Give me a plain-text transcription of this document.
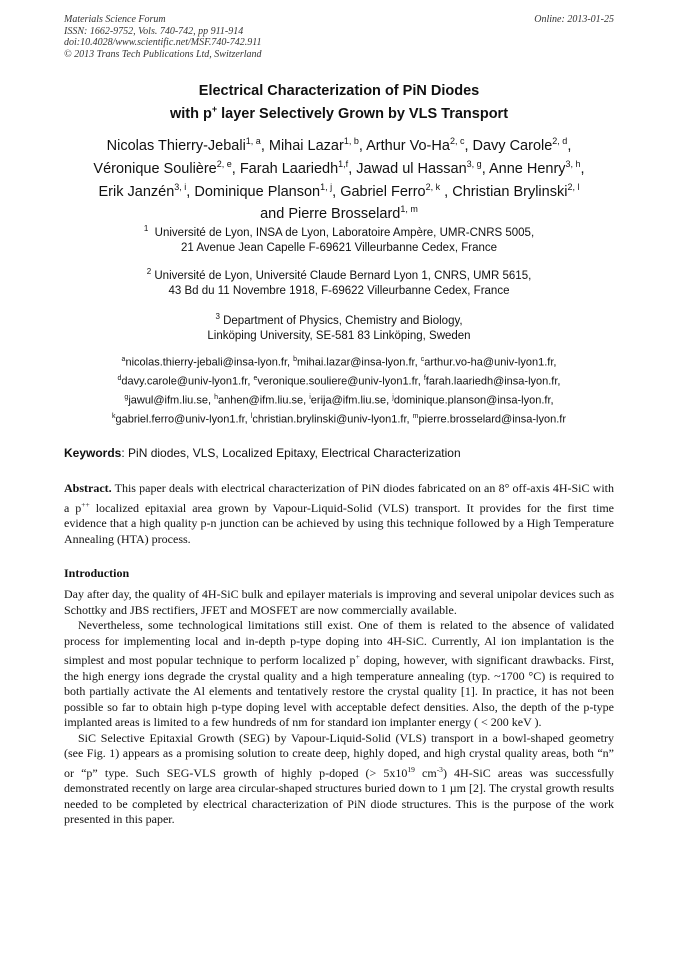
Materials Science Forum
ISSN: 1662-9752, Vols. 740-742, pp 911-914
doi:10.4028/www.scientific.net/MSF.740-742.911
© 2013 Trans Tech Publications Ltd, Switzerland
Online: 2013-01-25
Electrical Characterization of PiN Diodes
with p+ layer Selectively Grown by VLS Transport
Nicolas Thierry-Jebali$^{1, a}$, Mihai Lazar$^{1, b}$, Arthur Vo-Ha$^{2, c}$, Davy Carole$^{2, d}$,
Véronique Soulière$^{2, e}$, Farah Laariedh$^{1,f}$, Jawad ul Hassan$^{3, g}$, Anne Henry$^{3, h}$,
Erik Janzén$^{3, i}$, Dominique Planson$^{1, j}$, Gabriel Ferro$^{2, k}$ , Christian Brylinski$^{2, l}$
and Pierre Brosselard$^{1, m}$
$^1$ Université de Lyon, INSA de Lyon, Laboratoire Ampère, UMR-CNRS 5005,
21 Avenue Jean Capelle F-69621 Villeurbanne Cedex, France
$^2$ Université de Lyon, Université Claude Bernard Lyon 1, CNRS, UMR 5615,
43 Bd du 11 Novembre 1918, F-69622 Villeurbanne Cedex, France
$^3$ Department of Physics, Chemistry and Biology,
Linköping University, SE-581 83 Linköping, Sweden
$^a$nicolas.thierry-jebali@insa-lyon.fr, $^b$mihai.lazar@insa-lyon.fr, $^c$arthur.vo-ha@univ-lyon1.fr,
$^d$davy.carole@univ-lyon1.fr, $^e$veronique.souliere@univ-lyon1.fr, $^f$farah.laariedh@insa-lyon.fr,
$^g$jawul@ifm.liu.se, $^h$anhen@ifm.liu.se, $^i$erija@ifm.liu.se, $^j$dominique.planson@insa-lyon.fr,
$^k$gabriel.ferro@univ-lyon1.fr, $^l$christian.brylinski@univ-lyon1.fr, $^m$pierre.brosselard@insa-lyon.fr
Keywords: PiN diodes, VLS, Localized Epitaxy, Electrical Characterization
Abstract. This paper deals with electrical characterization of PiN diodes fabricated on an 8° off-axis 4H-SiC with a p++ localized epitaxial area grown by Vapour-Liquid-Solid (VLS) transport. It provides for the first time evidence that a high quality p-n junction can be achieved by using this technique followed by a High Temperature Annealing (HTA) process.
Introduction

Day after day, the quality of 4H-SiC bulk and epilayer materials is improving and several unipolar devices such as Schottky and JBS rectifiers, JFET and MOSFET are now commercially available.

Nevertheless, some technological limitations still exist. One of them is related to the absence of validated process for implementing local and in-depth p-type doping into 4H-SiC. Currently, Al ion implantation is the simplest and most popular technique to perform localized p+ doping, however, with significant drawbacks. First, the high energy ions degrade the crystal quality and a high temperature annealing (typ. ~1700 °C) is required to both partially activate the Al elements and tentatively restore the crystal quality [1]. In practice, it has not been possible so far to obtain high p-type doping level with acceptable defect densities. Also, the depth of the p-type implanted areas is limited to a few hundreds of nm for standard ion implanter energy ( < 200 keV ).

SiC Selective Epitaxial Growth (SEG) by Vapour-Liquid-Solid (VLS) transport in a bowl-shaped geometry (see Fig. 1) appears as a promising solution to create deep, highly doped, and high crystal quality areas, both “n” or “p” type. Such SEG-VLS growth of highly p-doped (> $5x10^{19}$ $cm^{-3}$) 4H-SiC areas was successfully demonstrated recently on large area circular-shaped structures buried down to 1 µm [2]. The crystal growth results needed to be completed by electrical characterization of PiN diode structures. This is the purpose of the work presented in this paper.
